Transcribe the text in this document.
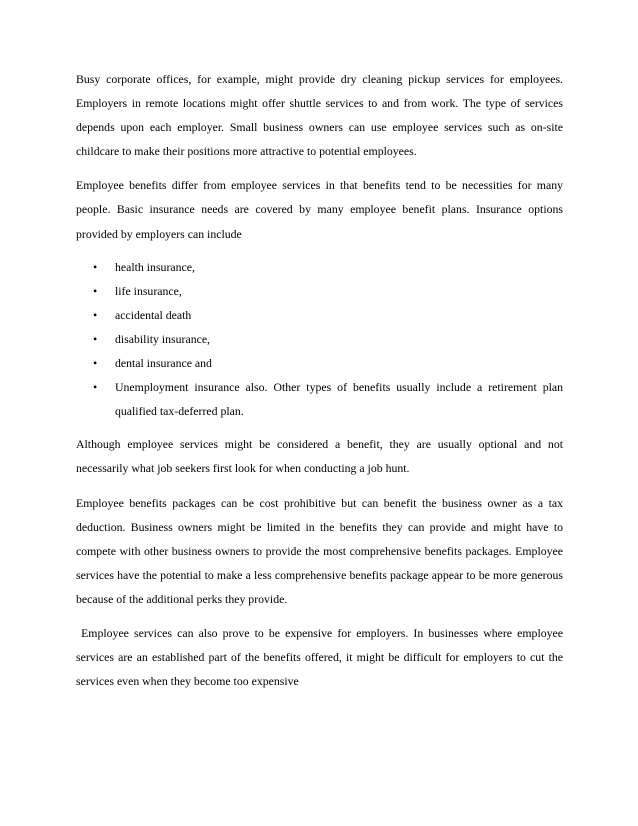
Busy corporate offices, for example, might provide dry cleaning pickup services for employees. Employers in remote locations might offer shuttle services to and from work. The type of services depends upon each employer. Small business owners can use employee services such as on-site childcare to make their positions more attractive to potential employees.

Employee benefits differ from employee services in that benefits tend to be necessities for many people. Basic insurance needs are covered by many employee benefit plans. Insurance options provided by employers can include

• health insurance,
• life insurance,
• accidental death
• disability insurance,
• dental insurance and
• Unemployment insurance also. Other types of benefits usually include a retirement plan qualified tax-deferred plan.

Although employee services might be considered a benefit, they are usually optional and not necessarily what job seekers first look for when conducting a job hunt.

Employee benefits packages can be cost prohibitive but can benefit the business owner as a tax deduction. Business owners might be limited in the benefits they can provide and might have to compete with other business owners to provide the most comprehensive benefits packages. Employee services have the potential to make a less comprehensive benefits package appear to be more generous because of the additional perks they provide.

Employee services can also prove to be expensive for employers. In businesses where employee services are an established part of the benefits offered, it might be difficult for employers to cut the services even when they become too expensive
